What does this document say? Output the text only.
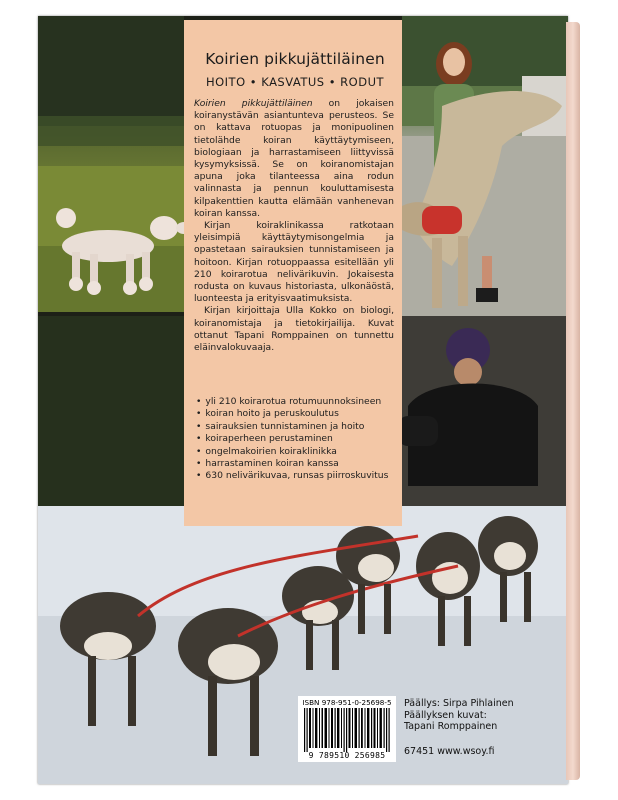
Koirien pikkujättiläinen
HOITO • KASVATUS • RODUT

Koirien pikkujättiläinen on jokaisen koiranystävän asiantunteva perusteos. Se on kattava rotuopas ja monipuolinen tietolähde koiran käyttäytymiseen, biologiaan ja harrastamiseen liittyvissä kysymyksissä. Se on koiranomistajan apuna joka tilanteessa aina rodun valinnasta ja pennun kouluttamisesta kilpakenttien kautta elämään vanhenevan koiran kanssa.

Kirjan koiraklinikassa ratkotaan yleisimpiä käyttäytymisongelmia ja opastetaan sairauksien tunnistamiseen ja hoitoon. Kirjan rotuoppaassa esitellään yli 210 koirarotua nelivärikuvin. Jokaisesta rodusta on kuvaus historiasta, ulkonäöstä, luonteesta ja erityisvaatimuksista.

Kirjan kirjoittaja Ulla Kokko on biologi, koiranomistaja ja tietokirjailija. Kuvat ottanut Tapani Romppainen on tunnettu eläinvalokuvaaja.

• yli 210 koirarotua rotumuunnoksineen
• koiran hoito ja peruskoulutus
• sairauksien tunnistaminen ja hoito
• koiraperheen perustaminen
• ongelmakoirien koiraklinikka
• harrastaminen koiran kanssa
• 630 nelivärikuvaa, runsas piirroskuvitus
ISBN 978-951-0-25698-5
9 789510 256985
Päällys: Sirpa Pihlainen
Päällyksen kuvat:
Tapani Romppainen
67451 www.wsoy.fi
